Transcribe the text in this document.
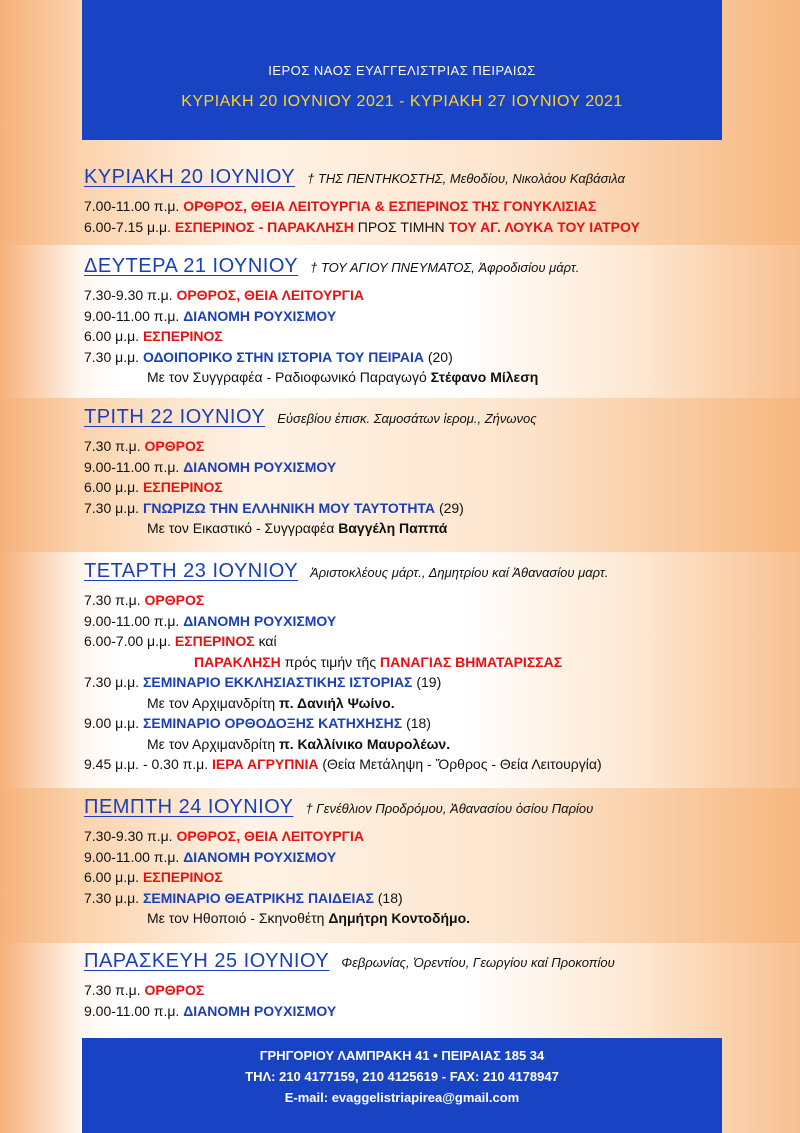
ΙΕΡΟΣ ΝΑΟΣ ΕΥΑΓΓΕΛΙΣΤΡΙΑΣ ΠΕΙΡΑΙΩΣ
ΚΥΡΙΑΚΗ 20 ΙΟΥΝΙΟΥ 2021 - ΚΥΡΙΑΚΗ 27 ΙΟΥΝΙΟΥ 2021
ΚΥΡΙΑΚΗ 20 ΙΟΥΝΙΟΥ † ΤΗΣ ΠΕΝΤΗΚΟΣΤΗΣ, Μεθοδίου, Νικολάου Καβάσιλα
7.00-11.00 π.μ. ΟΡΘΡΟΣ, ΘΕΙΑ ΛΕΙΤΟΥΡΓΙΑ & ΕΣΠΕΡΙΝΟΣ ΤΗΣ ΓΟΝΥΚΛΙΣΙΑΣ
6.00-7.15 μ.μ. ΕΣΠΕΡΙΝΟΣ - ΠΑΡΑΚΛΗΣΗ ΠΡΟΣ ΤΙΜΗΝ ΤΟΥ ΑΓ. ΛΟΥΚΑ ΤΟΥ ΙΑΤΡΟΥ
ΔΕΥΤΕΡΑ 21 ΙΟΥΝΙΟΥ † ΤΟΥ ΑΓΙΟΥ ΠΝΕΥΜΑΤΟΣ, Ἀφροδισίου μάρτ.
7.30-9.30 π.μ. ΟΡΘΡΟΣ, ΘΕΙΑ ΛΕΙΤΟΥΡΓΙΑ
9.00-11.00 π.μ. ΔΙΑΝΟΜΗ ΡΟΥΧΙΣΜΟΥ
6.00 μ.μ. ΕΣΠΕΡΙΝΟΣ
7.30 μ.μ. ΟΔΟΙΠΟΡΙΚΟ ΣΤΗΝ ΙΣΤΟΡΙΑ ΤΟΥ ΠΕΙΡΑΙΑ (20)
Με τον Συγγραφέα - Ραδιοφωνικό Παραγωγό Στέφανο Μίλεση
ΤΡΙΤΗ 22 ΙΟΥΝΙΟΥ Εὐσεβίου ἐπισκ. Σαμοσάτων ἱερομ., Ζήνωνος
7.30 π.μ. ΟΡΘΡΟΣ
9.00-11.00 π.μ. ΔΙΑΝΟΜΗ ΡΟΥΧΙΣΜΟΥ
6.00 μ.μ. ΕΣΠΕΡΙΝΟΣ
7.30 μ.μ. ΓΝΩΡΙΖΩ ΤΗΝ ΕΛΛΗΝΙΚΗ ΜΟΥ ΤΑΥΤΟΤΗΤΑ (29)
Με τον Εικαστικό - Συγγραφέα Βαγγέλη Παππά
ΤΕΤΑΡΤΗ 23 ΙΟΥΝΙΟΥ Ἀριστοκλέους μάρτ., Δημητρίου καί Ἀθανασίου μαρτ.
7.30 π.μ. ΟΡΘΡΟΣ
9.00-11.00 π.μ. ΔΙΑΝΟΜΗ ΡΟΥΧΙΣΜΟΥ
6.00-7.00 μ.μ. ΕΣΠΕΡΙΝΟΣ καί
ΠΑΡΑΚΛΗΣΗ πρός τιμήν τῆς ΠΑΝΑΓΙΑΣ ΒΗΜΑΤΑΡΙΣΣΑΣ
7.30 μ.μ. ΣΕΜΙΝΑΡΙΟ ΕΚΚΛΗΣΙΑΣΤΙΚΗΣ ΙΣΤΟΡΙΑΣ (19)
Με τον Αρχιμανδρίτη π. Δανιήλ Ψωίνο.
9.00 μ.μ. ΣΕΜΙΝΑΡΙΟ ΟΡΘΟΔΟΞΗΣ ΚΑΤΗΧΗΣΗΣ (18)
Με τον Αρχιμανδρίτη π. Καλλίνικο Μαυρολέων.
9.45 μ.μ. - 0.30 π.μ. ΙΕΡΑ ΑΓΡΥΠΝΙΑ (Θεία Μετάληψη - Ὄρθρος - Θεία Λειτουργία)
ΠΕΜΠΤΗ 24 ΙΟΥΝΙΟΥ † Γενέθλιον Προδρόμου, Ἀθανασίου ὁσίου Παρίου
7.30-9.30 π.μ. ΟΡΘΡΟΣ, ΘΕΙΑ ΛΕΙΤΟΥΡΓΙΑ
9.00-11.00 π.μ. ΔΙΑΝΟΜΗ ΡΟΥΧΙΣΜΟΥ
6.00 μ.μ. ΕΣΠΕΡΙΝΟΣ
7.30 μ.μ. ΣΕΜΙΝΑΡΙΟ ΘΕΑΤΡΙΚΗΣ ΠΑΙΔΕΙΑΣ (18)
Με τον Ηθοποιό - Σκηνοθέτη Δημήτρη Κοντοδήμο.
ΠΑΡΑΣΚΕΥΗ 25 ΙΟΥΝΙΟΥ Φεβρωνίας, Ὀρεντίου, Γεωργίου καί Προκοπίου
7.30 π.μ. ΟΡΘΡΟΣ
9.00-11.00 π.μ. ΔΙΑΝΟΜΗ ΡΟΥΧΙΣΜΟΥ
ΓΡΗΓΟΡΙΟΥ ΛΑΜΠΡΑΚΗ 41 • ΠΕΙΡΑΙΑΣ 185 34
ΤΗΛ: 210 4177159, 210 4125619 - FAX: 210 4178947
E-mail: evaggelistriapirea@gmail.com
